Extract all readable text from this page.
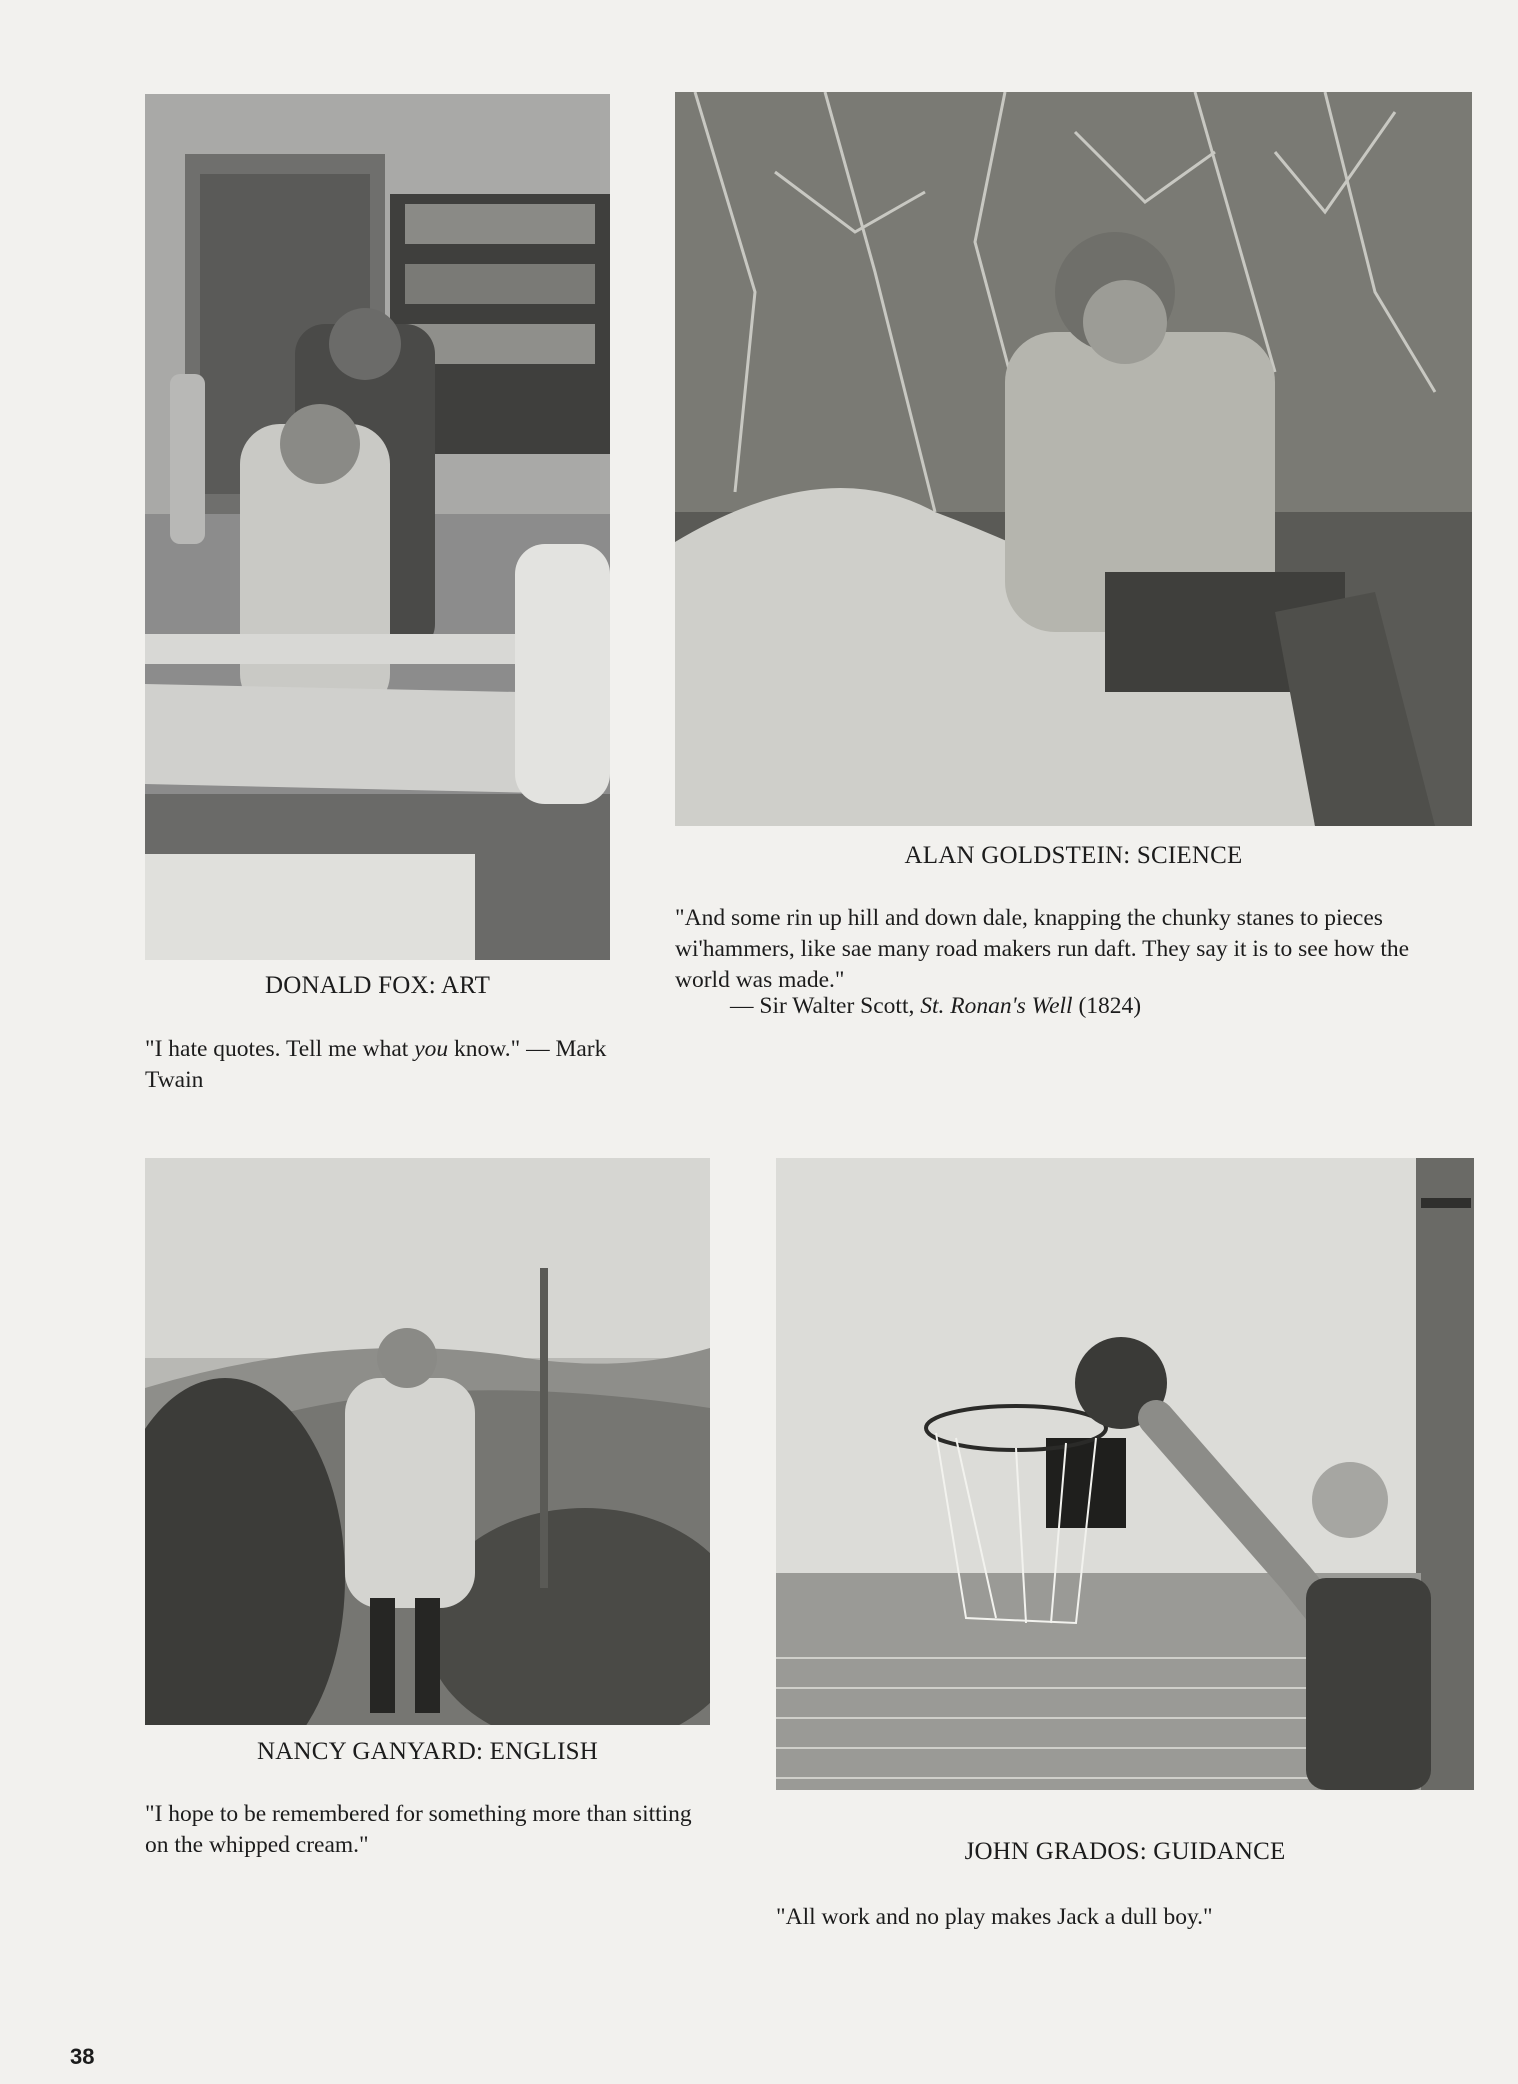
DONALD FOX: ART
"I hate quotes. Tell me what you know." — Mark Twain
ALAN GOLDSTEIN: SCIENCE
"And some rin up hill and down dale, knapping the chunky stanes to pieces wi'hammers, like sae many road makers run daft. They say it is to see how the world was made."
— Sir Walter Scott, St. Ronan's Well (1824)
NANCY GANYARD: ENGLISH
"I hope to be remembered for something more than sitting on the whipped cream."	JOHN GRADOS: GUIDANCE
"All work and no play makes Jack a dull boy."
38
